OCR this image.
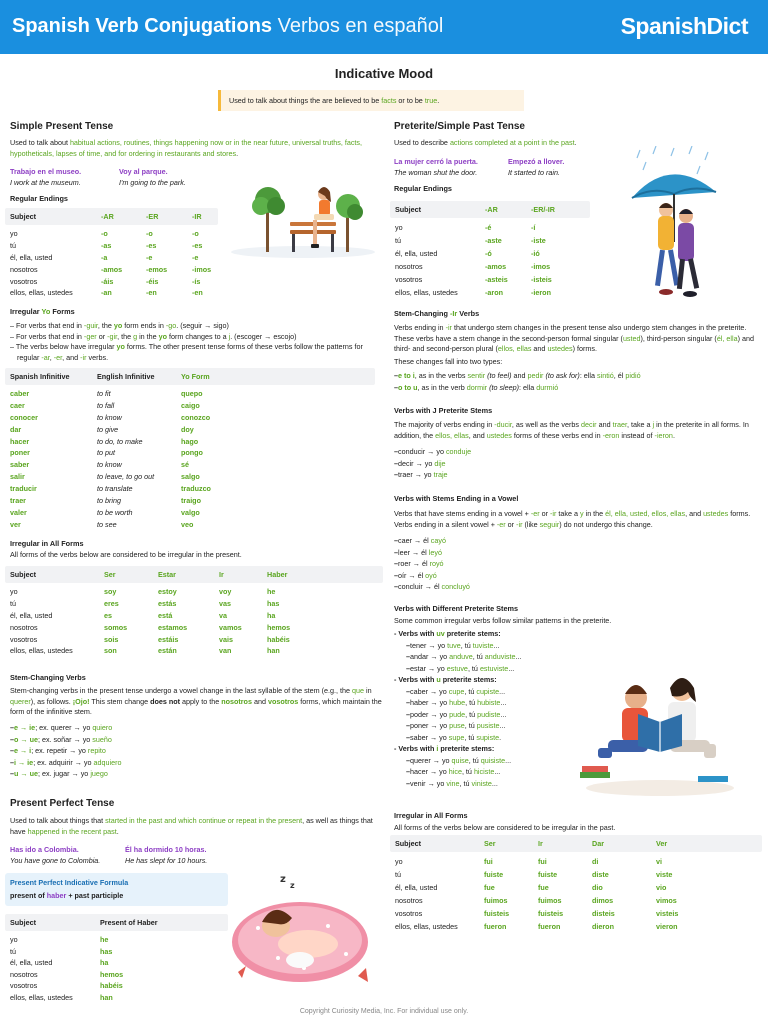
Spanish Verb Conjugations Verbos en español	SpanishDict
Indicative Mood
Used to talk about things the are believed to be facts or to be true.
Simple Present Tense
Used to talk about habitual actions, routines, things happening now or in the near future, universal truths, facts, hypotheticals, lapses of time, and for ordering in restaurants and stores.
Trabajo en el museo.
I work at the museum.
Voy al parque.
I'm going to the park.
Regular Endings
Subject	-AR	-ER	-IR
yo	-o	-o	-o
tú	-as	-es	-es
él, ella, usted	-a	-e	-e
nosotros	-amos	-emos	-imos
vosotros	-áis	-éis	-ís
ellos, ellas, ustedes	-an	-en	-en
Irregular Yo Forms
– For verbs that end in -guir, the yo form ends in -go. (seguir → sigo)
– For verbs that end in -ger or -gir, the g in the yo form changes to a j. (escoger → escojo)
– The verbs below have irregular yo forms. The other present tense forms of these verbs follow the patterns for regular -ar, -er, and -ir verbs.
Spanish Infinitive	English Infinitive	Yo Form
caber	to fit	quepo
caer	to fall	caigo
conocer	to know	conozco
dar	to give	doy
hacer	to do, to make	hago
poner	to put	pongo
saber	to know	sé
salir	to leave, to go out	salgo
traducir	to translate	traduzco
traer	to bring	traigo
valer	to be worth	valgo
ver	to see	veo
Irregular in All Forms
All forms of the verbs below are considered to be irregular in the present.
Subject	Ser	Estar	Ir	Haber
yo	soy	estoy	voy	he
tú	eres	estás	vas	has
él, ella, usted	es	está	va	ha
nosotros	somos	estamos	vamos	hemos
vosotros	sois	estáis	vais	habéis
ellos, ellas, ustedes	son	están	van	han
Stem-Changing Verbs
Stem-changing verbs in the present tense undergo a vowel change in the last syllable of the stem (e.g., the que in querer), as follows. ¡Ojo! This stem change does not apply to the nosotros and vosotros forms, which maintain the form of the infinitive stem.
– e → ie; ex. querer → yo quiero
– o → ue; ex. soñar → yo sueño
– e → i; ex. repetir → yo repito
– i → ie; ex. adquirir → yo adquiero
– u → ue; ex. jugar → yo juego
Present Perfect Tense
Used to talk about things that started in the past and which continue or repeat in the present, as well as things that have happened in the recent past.
Has ido a Colombia.
You have gone to Colombia.
Él ha dormido 10 horas.
He has slept for 10 hours.
Present Perfect Indicative Formula
present of haber + past participle
Subject	Present of Haber
yo	he
tú	has
él, ella, usted	ha
nosotros	hemos
vosotros	habéis
ellos, ellas, ustedes	han
Preterite/Simple Past Tense
Used to describe actions completed at a point in the past.
La mujer cerró la puerta.
The woman shut the door.
Empezó a llover.
It started to rain.
Regular Endings
Subject	-AR	-ER/-IR
yo	-é	-í
tú	-aste	-iste
él, ella, usted	-ó	-ió
nosotros	-amos	-imos
vosotros	-asteis	-isteis
ellos, ellas, ustedes	-aron	-ieron
Stem-Changing -Ir Verbs
Verbs ending in -ir that undergo stem changes in the present tense also undergo stem changes in the preterite. These verbs have a stem change in the second-person formal singular (usted), third-person singular (él, ella) and third- and second-person plural (ellos, ellas and ustedes) forms.
These changes fall into two types:
– e to i, as in the verbs sentir (to feel) and pedir (to ask for): ella sintió, él pidió
– o to u, as in the verb dormir (to sleep): ella durmió
Verbs with J Preterite Stems
The majority of verbs ending in -ducir, as well as the verbs decir and traer, take a j in the preterite in all forms. In addition, the ellos, ellas, and ustedes forms of these verbs end in -eron instead of -ieron.
– conducir → yo conduje
– decir → yo dije
– traer → yo traje
Verbs with Stems Ending in a Vowel
Verbs that have stems ending in a vowel + -er or -ir take a y in the él, ella, usted, ellos, ellas, and ustedes forms. Verbs ending in a silent vowel + -er or -ir (like seguir) do not undergo this change.
– caer → él cayó
– leer → él leyó
– roer → él royó
– oír → él oyó
– concluir → él concluyó
Verbs with Different Preterite Stems
Some common irregular verbs follow similar patterns in the preterite.
- Verbs with uv preterite stems:
– tener → yo tuve, tú tuviste...
– andar → yo anduve, tú anduviste...
– estar → yo estuve, tú estuviste...
- Verbs with u preterite stems:
– caber → yo cupe, tú cupiste...
– haber → yo hube, tú hubiste...
– poder → yo pude, tú pudiste...
– poner → yo puse, tú pusiste...
– saber → yo supe, tú supiste.
- Verbs with i preterite stems:
– querer → yo quise, tú quisiste...
– hacer → yo hice, tú hiciste...
– venir → yo vine, tú viniste...
Irregular in All Forms
All forms of the verbs below are considered to be irregular in the past.
Subject	Ser	Ir	Dar	Ver
yo	fui	fui	di	vi
tú	fuiste	fuiste	diste	viste
él, ella, usted	fue	fue	dio	vio
nosotros	fuimos	fuimos	dimos	vimos
vosotros	fuisteis	fuisteis	disteis	visteis
ellos, ellas, ustedes	fueron	fueron	dieron	vieron
Copyright Curiosity Media, Inc. For individual use only.
z
z
